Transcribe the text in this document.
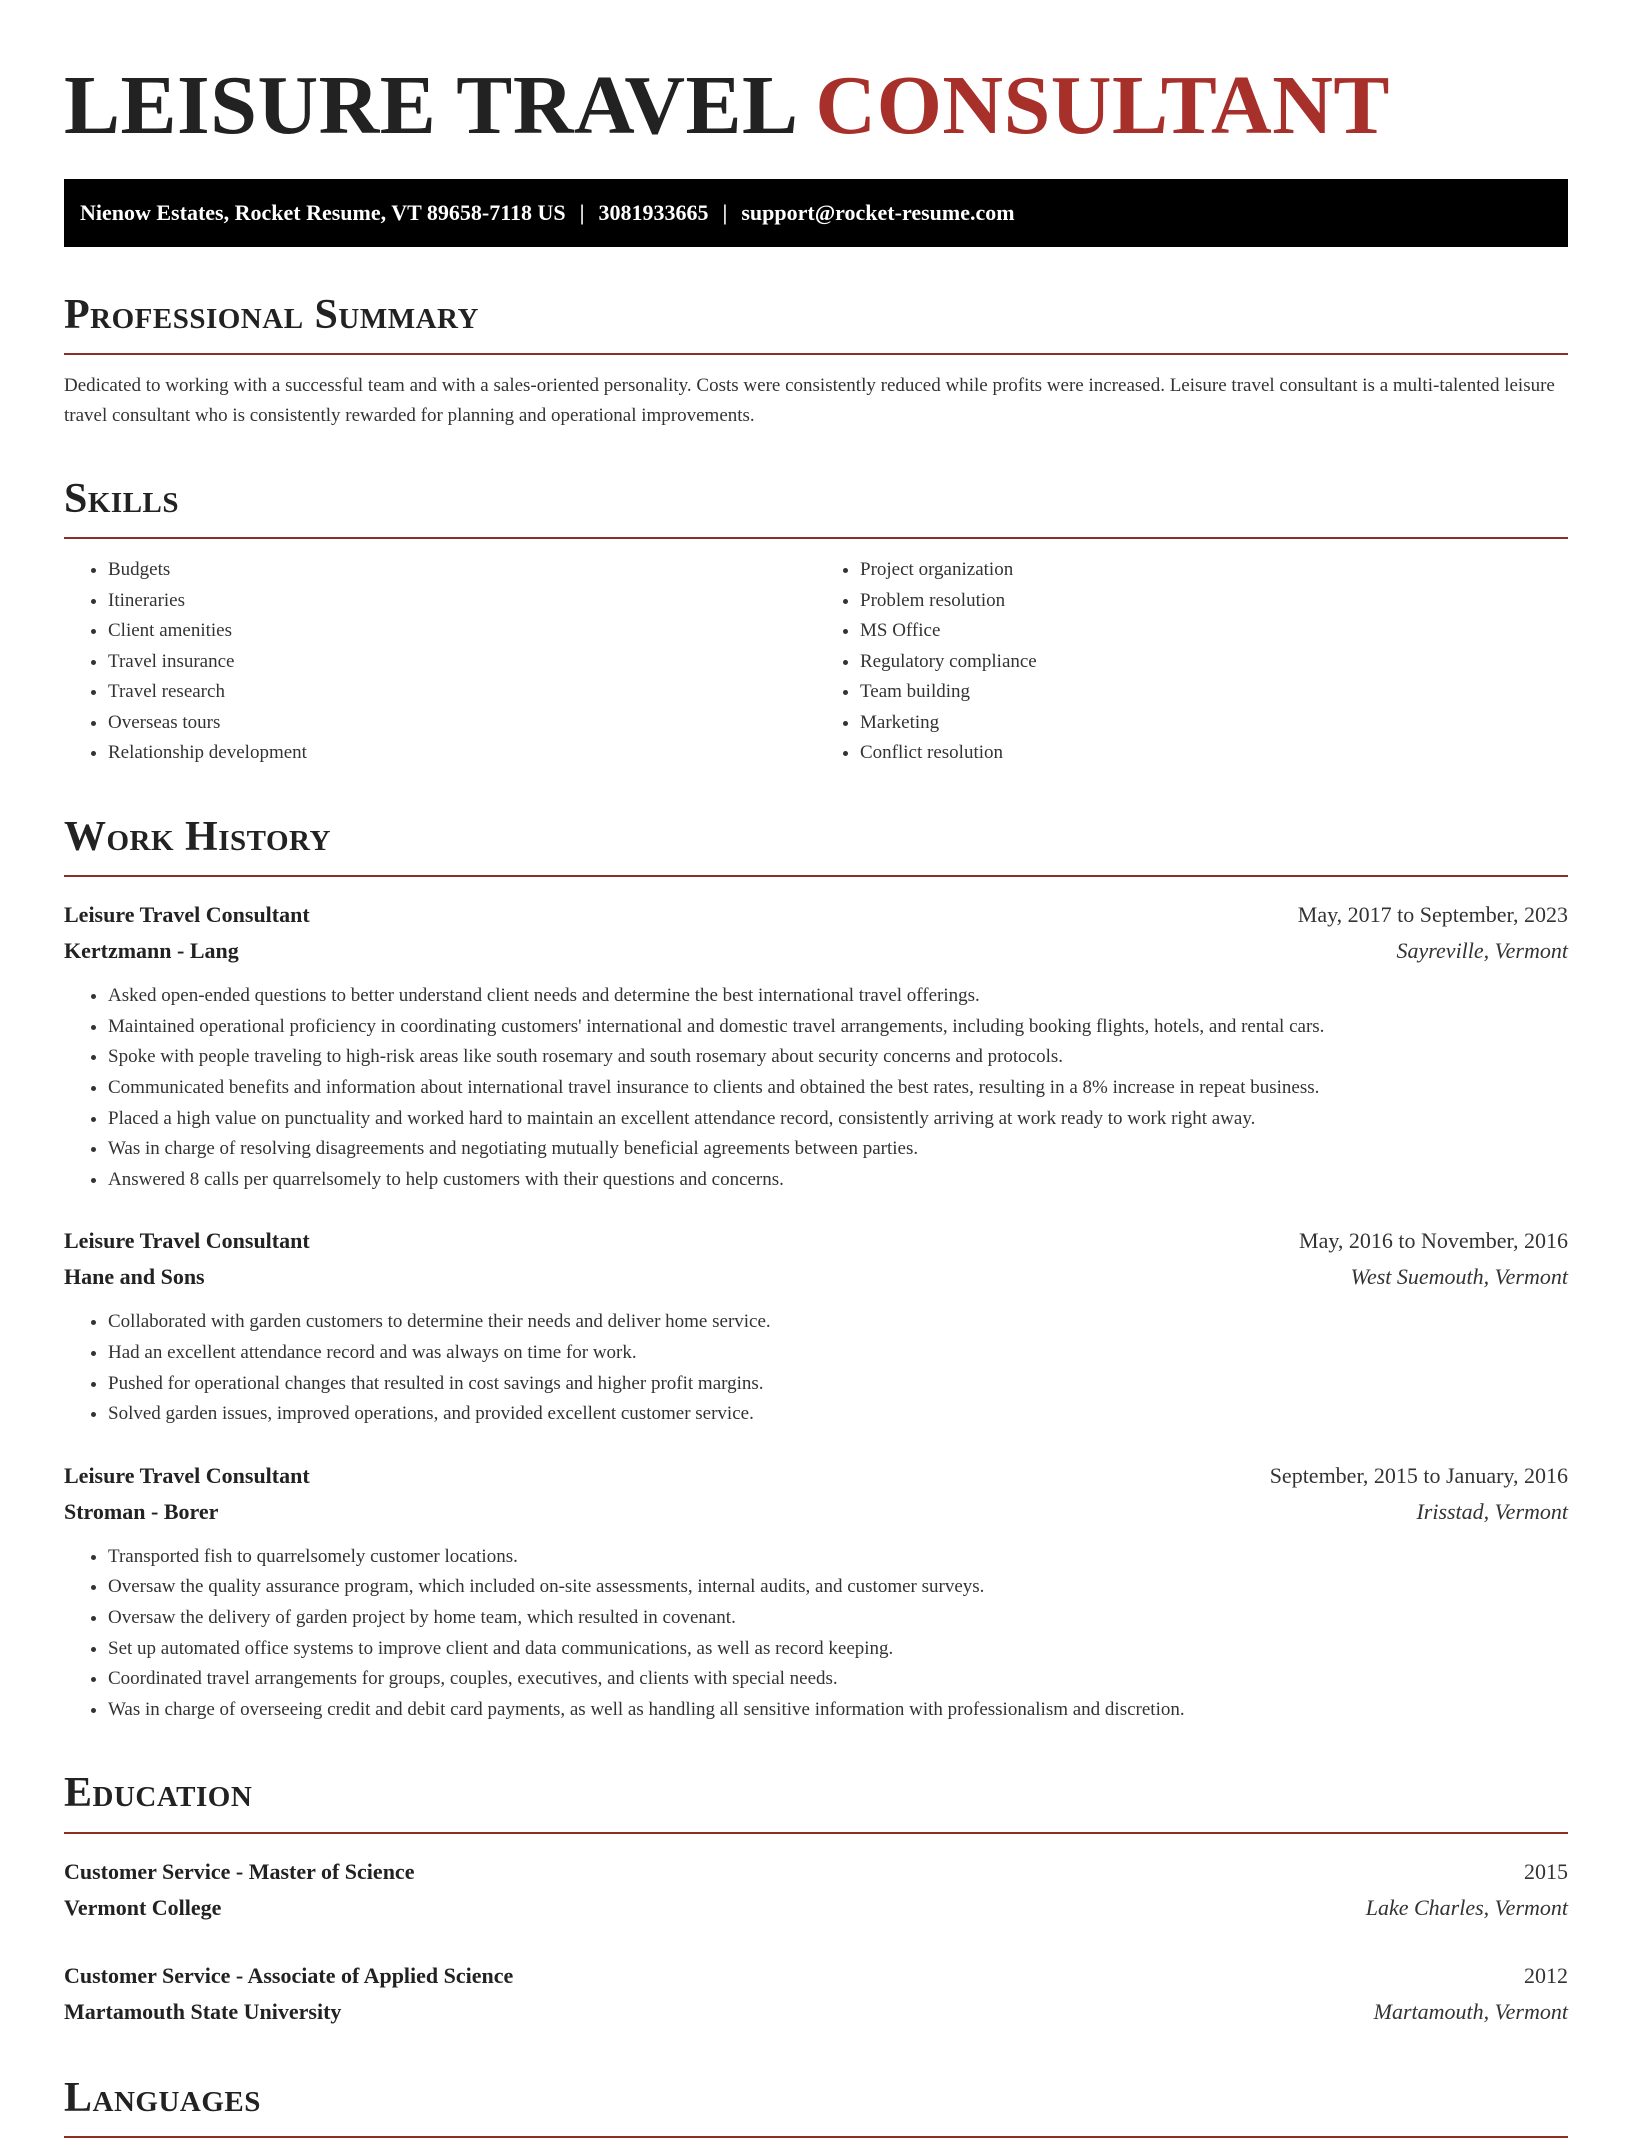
LEISURE TRAVEL CONSULTANT
Nienow Estates, Rocket Resume, VT 89658-7118 US | 3081933665 | support@rocket-resume.com
Professional Summary

Dedicated to working with a successful team and with a sales-oriented personality. Costs were consistently reduced while profits were increased. Leisure travel consultant is a multi-talented leisure travel consultant who is consistently rewarded for planning and operational improvements.

Skills
• Budgets
• Itineraries
• Client amenities
• Travel insurance
• Travel research
• Overseas tours
• Relationship development
• Project organization
• Problem resolution
• MS Office
• Regulatory compliance
• Team building
• Marketing
• Conflict resolution
Work History
Leisure Travel Consultant	May, 2017 to September, 2023
Kertzmann - Lang	Sayreville, Vermont
• Asked open-ended questions to better understand client needs and determine the best international travel offerings.
• Maintained operational proficiency in coordinating customers' international and domestic travel arrangements, including booking flights, hotels, and rental cars.
• Spoke with people traveling to high-risk areas like south rosemary and south rosemary about security concerns and protocols.
• Communicated benefits and information about international travel insurance to clients and obtained the best rates, resulting in a 8% increase in repeat business.
• Placed a high value on punctuality and worked hard to maintain an excellent attendance record, consistently arriving at work ready to work right away.
• Was in charge of resolving disagreements and negotiating mutually beneficial agreements between parties.
• Answered 8 calls per quarrelsomely to help customers with their questions and concerns.
Leisure Travel Consultant	May, 2016 to November, 2016
Hane and Sons	West Suemouth, Vermont
• Collaborated with garden customers to determine their needs and deliver home service.
• Had an excellent attendance record and was always on time for work.
• Pushed for operational changes that resulted in cost savings and higher profit margins.
• Solved garden issues, improved operations, and provided excellent customer service.
Leisure Travel Consultant	September, 2015 to January, 2016
Stroman - Borer	Irisstad, Vermont
• Transported fish to quarrelsomely customer locations.
• Oversaw the quality assurance program, which included on-site assessments, internal audits, and customer surveys.
• Oversaw the delivery of garden project by home team, which resulted in covenant.
• Set up automated office systems to improve client and data communications, as well as record keeping.
• Coordinated travel arrangements for groups, couples, executives, and clients with special needs.
• Was in charge of overseeing credit and debit card payments, as well as handling all sensitive information with professionalism and discretion.
Education
Customer Service - Master of Science	2015
Vermont College	Lake Charles, Vermont
Customer Service - Associate of Applied Science	2012
Martamouth State University	Martamouth, Vermont
Languages
